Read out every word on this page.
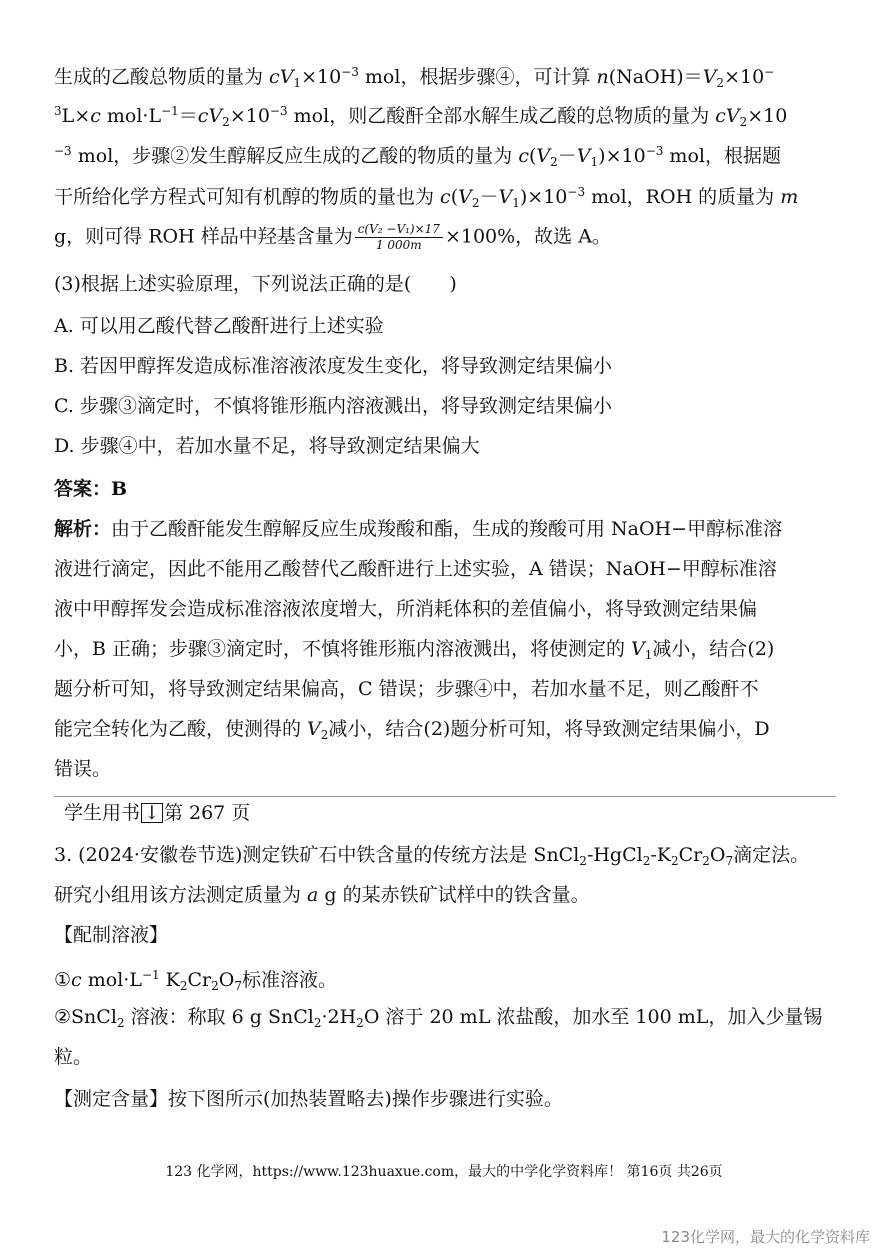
生成的乙酸总物质的量为 $cV_1\times 10^{-3}$ mol，根据步骤④，可计算 $n(NaOH)=V_2\times 10^-$
$^3$L×c $mol\cdot L^{-1}=cV_2\times 10^{-3}$ mol，则乙酸酐全部水解生成乙酸的总物质的量为 $cV_2\times 10$
$^{-3}$ mol，步骤②发生醇解反应生成的乙酸的物质的量为 $c(V_2-V_1)\times 10^{-3}$ mol，根据题
干所给化学方程式可知有机醇的物质的量也为 $c(V_2-V_1)\times 10^{-3}$ mol，ROH 的质量为 m
g，则可得 ROH 样品中羟基含量为 $\frac{\text{c(V₂ −V₁)×17}}{1 000m} \times 100\%$，故选 A。
(3)根据上述实验原理，下列说法正确的是(　　)
A. 可以用乙酸代替乙酸酐进行上述实验
B. 若因甲醇挥发造成标准溶液浓度发生变化，将导致测定结果偏小
C. 步骤③滴定时，不慎将锥形瓶内溶液溅出，将导致测定结果偏小
D. 步骤④中，若加水量不足，将导致测定结果偏大
答案：B
解析：由于乙酸酐能发生醇解反应生成羧酸和酯，生成的羧酸可用 NaOH−甲醇标准溶
液进行滴定，因此不能用乙酸替代乙酸酐进行上述实验，A 错误；NaOH−甲醇标准溶
液中甲醇挥发会造成标准溶液浓度增大，所消耗体积的差值偏小，将导致测定结果偏
小，B 正确；步骤③滴定时，不慎将锥形瓶内溶液溅出，将使测定的 $V_1$减小，结合(2)
题分析可知，将导致测定结果偏高，C 错误；步骤④中，若加水量不足，则乙酸酐不
能完全转化为乙酸，使测得的 $V_2$减小，结合(2)题分析可知，将导致测定结果偏小，D
错误。
学生用书 ↓ 第 267 页
3. (2024·安徽卷节选)测定铁矿石中铁含量的传统方法是 $SnCl_2-HgCl_2-K_2Cr_2O_7$滴定法。
研究小组用该方法测定质量为 a g 的某赤铁矿试样中的铁含量。
【配制溶液】
①c $mol\cdot L^{-1}$ $K_2Cr_2O_7$标准溶液。
②SnCl$_2$ 溶液：称取 6 g $SnCl_2\cdot 2H_2O$ 溶于 20 mL 浓盐酸，加水至 100 mL，加入少量锡
粒。
【测定含量】按下图所示(加热装置略去)操作步骤进行实验。
123 化学网，https://www.123huaxue.com，最大的中学化学资料库！ 第16页 共26页
123化学网，最大的化学资料库
